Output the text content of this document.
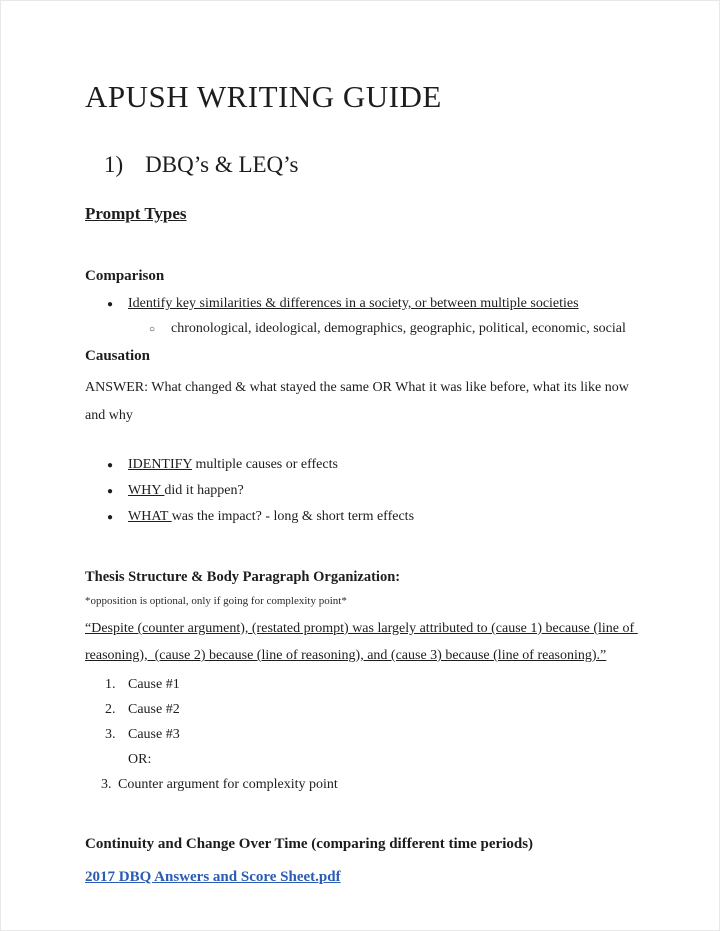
APUSH WRITING GUIDE
1) DBQ’s & LEQ’s
Prompt Types
Comparison
● Identify key similarities & differences in a society, or between multiple societies
○ chronological, ideological, demographics, geographic, political, economic, social
Causation

ANSWER: What changed & what stayed the same OR What it was like before, what its like now and why

● IDENTIFY multiple causes or effects
● WHY did it happen?
● WHAT was the impact? - long & short term effects
Thesis Structure & Body Paragraph Organization:
*opposition is optional, only if going for complexity point*

“Despite (counter argument), (restated prompt) was largely attributed to (cause 1) because (line of reasoning),  (cause 2) because (line of reasoning), and (cause 3) because (line of reasoning).”

1. Cause #1
2. Cause #2
3. Cause #3
OR:
3. Counter argument for complexity point
Continuity and Change Over Time (comparing different time periods)
2017 DBQ Answers and Score Sheet.pdf
